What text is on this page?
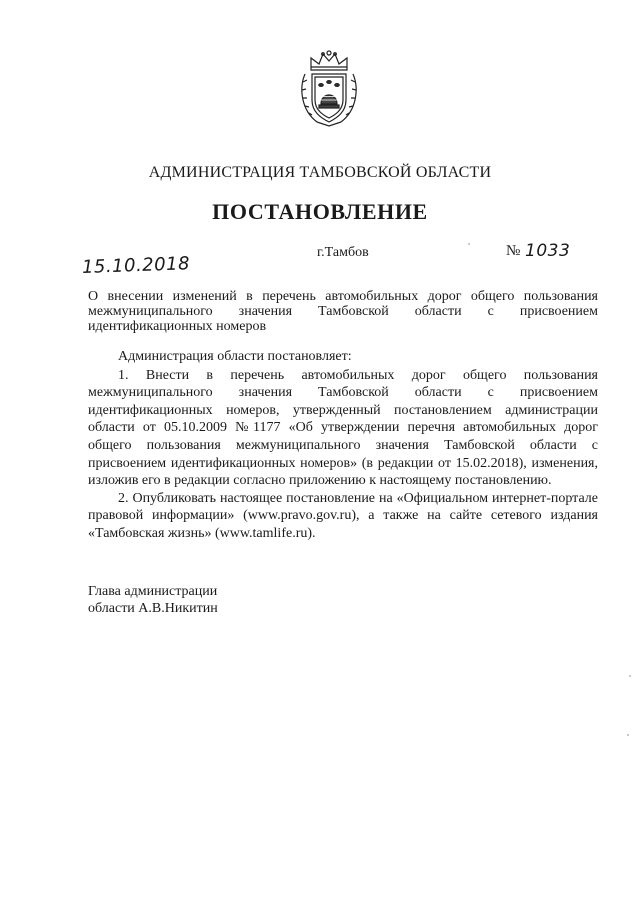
АДМИНИСТРАЦИЯ ТАМБОВСКОЙ ОБЛАСТИ
ПОСТАНОВЛЕНИЕ
г.Тамбов	№ 1033
15.10.2018
О внесении изменений в перечень автомобильных дорог общего пользования межмуниципального значения Тамбовской области с присвоением идентификационных номеров

Администрация области постановляет:

1. Внести в перечень автомобильных дорог общего пользования межмуниципального значения Тамбовской области с присвоением идентификационных номеров, утвержденный постановлением администрации области от 05.10.2009 №1177 «Об утверждении перечня автомобильных дорог общего пользования межмуниципального значения Тамбовской области с присвоением идентификационных номеров» (в редакции от 15.02.2018), изменения, изложив его в редакции согласно приложению к настоящему постановлению.

2. Опубликовать настоящее постановление на «Официальном интернет-портале правовой информации» (www.pravo.gov.ru), а также на сайте сетевого издания «Тамбовская жизнь» (www.tamlife.ru).

Глава администрации
области А.В.Никитин
